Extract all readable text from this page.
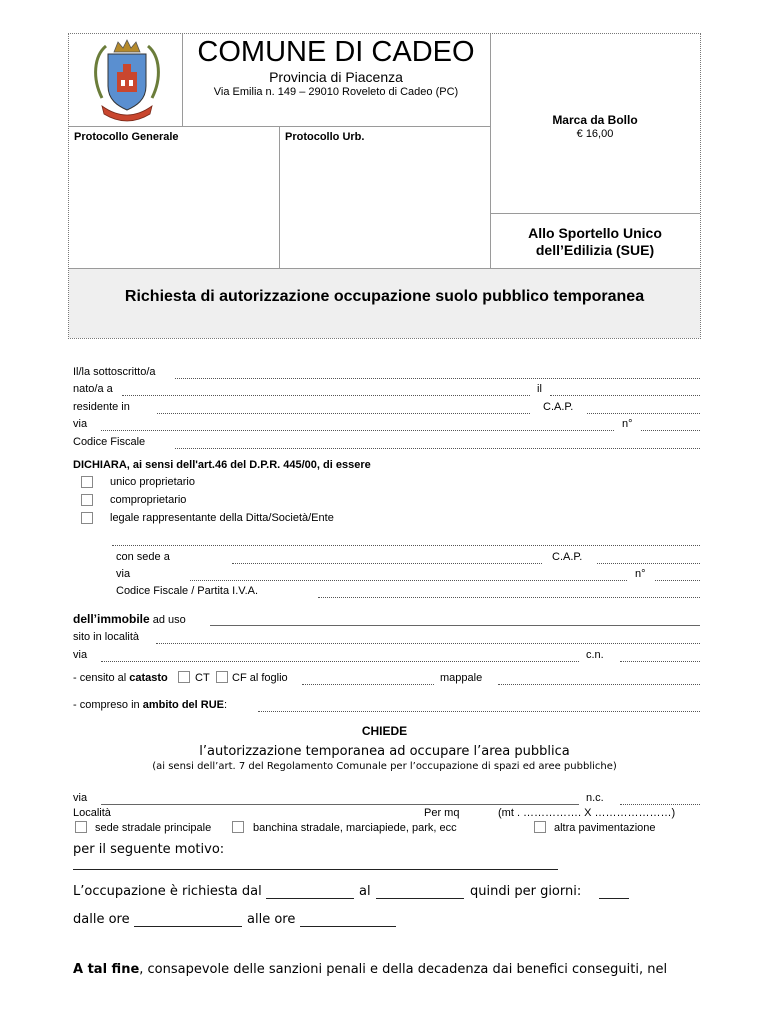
COMUNE DI CADEO
Provincia di Piacenza
Via Emilia n. 149 – 29010 Roveleto di Cadeo (PC)
Protocollo Generale	Protocollo Urb.
Marca da Bollo
€ 16,00
Allo Sportello Unico
dell’Edilizia (SUE)
Richiesta di autorizzazione occupazione suolo pubblico temporanea
Il/la sottoscritto/a
nato/a a	il
residente in	C.A.P.
via	n°
Codice Fiscale
DICHIARA, ai sensi dell'art.46 del D.P.R. 445/00, di essere
unico proprietario
comproprietario
legale rappresentante della Ditta/Società/Ente
con sede a	C.A.P.
via	n°
Codice Fiscale / Partita I.V.A.
dell’immobile ad uso
sito in località
via	c.n.
- censito al catasto CT CF al foglio	mappale
- compreso in ambito del RUE:
CHIEDE
l’autorizzazione temporanea ad occupare l’area pubblica
(ai sensi dell’art. 7 del Regolamento Comunale per l’occupazione di spazi ed aree pubbliche)
via	n.c.
Località	Per mq	(mt . ……………. X …………………)
sede stradale principale	banchina stradale, marciapiede, park, ecc	altra pavimentazione
per il seguente motivo:
L’occupazione è richiesta dal	al	quindi per giorni:
dalle ore	alle ore
A tal fine, consapevole delle sanzioni penali e della decadenza dai benefici conseguiti, nel
